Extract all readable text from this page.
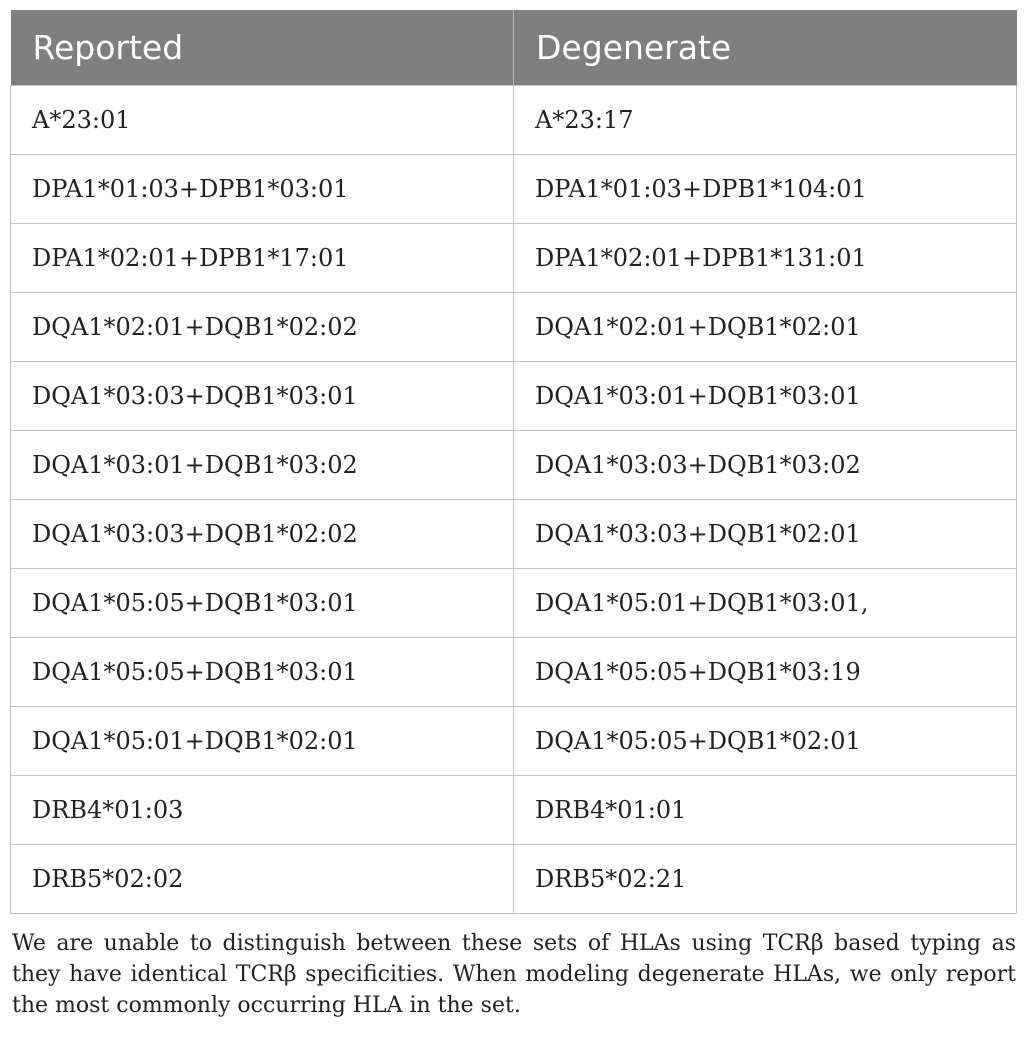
Reported	Degenerate
A*23:01	A*23:17
DPA1*01:03+DPB1*03:01	DPA1*01:03+DPB1*104:01
DPA1*02:01+DPB1*17:01	DPA1*02:01+DPB1*131:01
DQA1*02:01+DQB1*02:02	DQA1*02:01+DQB1*02:01
DQA1*03:03+DQB1*03:01	DQA1*03:01+DQB1*03:01
DQA1*03:01+DQB1*03:02	DQA1*03:03+DQB1*03:02
DQA1*03:03+DQB1*02:02	DQA1*03:03+DQB1*02:01
DQA1*05:05+DQB1*03:01	DQA1*05:01+DQB1*03:01,
DQA1*05:05+DQB1*03:01	DQA1*05:05+DQB1*03:19
DQA1*05:01+DQB1*02:01	DQA1*05:05+DQB1*02:01
DRB4*01:03	DRB4*01:01
DRB5*02:02	DRB5*02:21

We are unable to distinguish between these sets of HLAs using TCRβ based typing as they have identical TCRβ specificities. When modeling degenerate HLAs, we only report the most commonly occurring HLA in the set.
